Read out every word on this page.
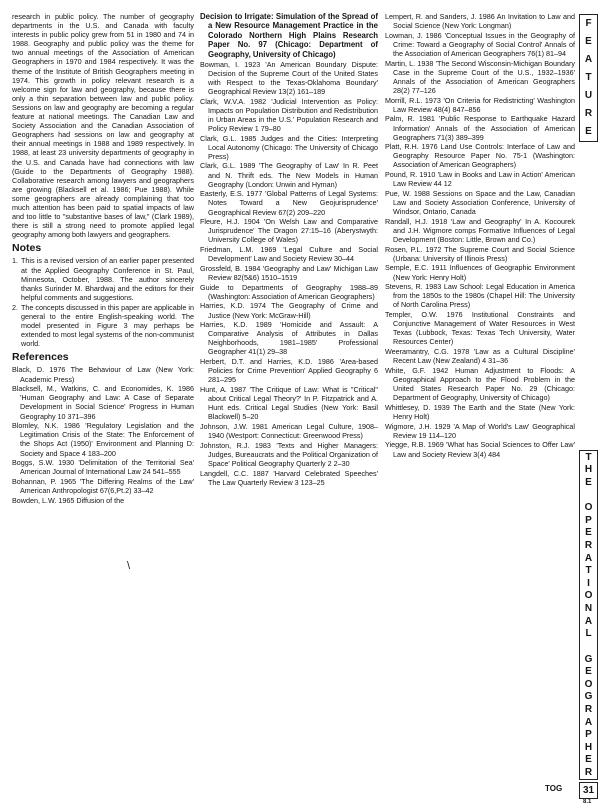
research in public policy. The number of geography departments in the U.S. and Canada with faculty interests in public policy grew from 51 in 1980 and 74 in 1988. Geography and public policy was the theme for two annual meetings of the Association of American Geographers in 1970 and 1984 respectively. It was the theme of the Institute of British Geographers meeting in 1974. This growth in policy relevant research is a welcome sign for law and geography, because there is only a thin separation between law and public policy. Sessions on law and geography are becoming a regular feature at national meetings. The Canadian Law and Society Association and the Canadian Association of Geographers had sessions on law and geography at their annual meetings in 1988 and 1989 respectively. In 1988, at least 23 university departments of geography in the U.S. and Canada have had connections with law (Guide to the Departments of Geography 1988). Collaborative research among lawyers and geographers are growing (Blacksell et al. 1986; Pue 1988). While some geographers are already complaining that too much attention has been paid to spatial impacts of law and too little to "substantive bases of law," (Clark 1989), there is still a strong need to promote applied legal geography among both lawyers and geographers.

Notes
1. This is a revised version of an earlier paper presented at the Applied Geography Conference in St. Paul, Minnesota, October, 1988. The author sincerely thanks Surinder M. Bhardwaj and the editors for their helpful comments and suggestions.
2. The concepts discussed in this paper are applicable in general to the entire English-speaking world. The model presented in Figure 3 may perhaps be extended to most legal systems of the non-communist world.
References
Black, D. 1976 The Behaviour of Law (New York: Academic Press)
Blacksell, M., Watkins, C. and Economides, K. 1986 'Human Geography and Law: A Case of Separate Development in Social Science' Progress in Human Geography 10 371–396
Blomley, N.K. 1986 'Regulatory Legislation and the Legitimation Crisis of the State: The Enforcement of the Shops Act (1950)' Environment and Planning D: Society and Space 4 183–200
Boggs, S.W. 1930 'Delimitation of the Territorial Sea' American Journal of International Law 24 541–555
Bohannan, P. 1965 'The Differing Realms of the Law' American Anthropologist 67(6,Pt.2) 33–42
Bowden, L.W. 1965 Diffusion of the
Decision to Irrigate: Simulation of the Spread of a New Resource Management Practice in the Colorado Northern High Plains Research Paper No. 97 (Chicago: Department of Geography, University of Chicago)
Bowman, I. 1923 'An American Boundary Dispute: Decision of the Supreme Court of the United States with Respect to the Texas-Oklahoma Boundary' Geographical Review 13(2) 161–189
Clark, W.V.A. 1982 'Judicial Intervention as Policy: Impacts on Population Distribution and Redistribution in Urban Areas in the U.S.' Population Research and Policy Review 1 79–80
Clark, G.L. 1985 Judges and the Cities: Interpreting Local Autonomy (Chicago: The University of Chicago Press)
Clark, G.L. 1989 'The Geography of Law' In R. Peet and N. Thrift eds. The New Models in Human Geography (London: Unwin and Hyman)
Easterly, E.S. 1977 'Global Patterns of Legal Systems: Notes Toward a New Geojurisprudence' Geographical Review 67(2) 209–220
Fleure, H.J. 1904 'On Welsh Law and Comparative Jurisprudence' The Dragon 27:15–16 (Aberystwyth: University College of Wales)
Friedman, L.M. 1969 'Legal Culture and Social Development' Law and Society Review 30–44
Grossfeld, B. 1984 'Geography and Law' Michigan Law Review 82(5&6) 1510–1519
Guide to Departments of Geography 1988–89 (Washington: Association of American Geographers)
Harries, K.D. 1974 The Geography of Crime and Justice (New York: McGraw-Hill)
Harries, K.D. 1989 'Homicide and Assault: A Comparative Analysis of Attributes in Dallas Neighborhoods, 1981–1985' Professional Geographer 41(1) 29–38
Herbert, D.T. and Harries, K.D. 1986 'Area-based Policies for Crime Prevention' Applied Geography 6 281–295
Hunt, A. 1987 'The Critique of Law: What is "Critical" about Critical Legal Theory?' In P. Fitzpatrick and A. Hunt eds. Critical Legal Studies (New York: Basil Blackwell) 5–20
Johnson, J.W. 1981 American Legal Culture, 1908–1940 (Westport: Connecticut: Greenwood Press)
Johnston, R.J. 1983 'Texts and Higher Managers: Judges, Bureaucrats and the Political Organization of Space' Political Geography Quarterly 2 2–30
Langdell, C.C. 1887 'Harvard Celebrated Speeches' The Law Quarterly Review 3 123–25
Lempert, R. and Sanders, J. 1986 An Invitation to Law and Social Science (New York: Longman)
Lowman, J. 1986 'Conceptual Issues in the Geography of Crime: Toward a Geography of Social Control' Annals of the Association of American Geographers 76(1) 81–94
Martin, L. 1938 'The Second Wisconsin-Michigan Boundary Case in the Supreme Court of the U.S., 1932–1936' Annals of the Association of American Geographers 28(2) 77–126
Morrill, R.L. 1973 'On Criteria for Redistricting' Washington Law Review 48(4) 847–856
Palm, R. 1981 'Public Response to Earthquake Hazard Information' Annals of the Association of American Geographers 71(3) 389–399
Platt, R.H. 1976 Land Use Controls: Interface of Law and Geography Resource Paper No. 75-1 (Washington: Association of American Geographers)
Pound, R. 1910 'Law in Books and Law in Action' American Law Review 44 12
Pue, W. 1988 Sessions on Space and the Law, Canadian Law and Society Association Conference, University of Windsor, Ontario, Canada
Randall, H.J. 1918 'Law and Geography' In A. Kocourek and J.H. Wigmore comps Formative Influences of Legal Development (Boston: Little, Brown and Co.)
Rosen, P.L. 1972 The Supreme Court and Social Science (Urbana: University of Illinois Press)
Semple, E.C. 1911 Influences of Geographic Environment (New York: Henry Holt)
Stevens, R. 1983 Law School: Legal Education in America from the 1850s to the 1980s (Chapel Hill: The University of North Carolina Press)
Templer, O.W. 1976 Institutional Constraints and Conjunctive Management of Water Resources in West Texas (Lubbock, Texas: Texas Tech University, Water Resources Center)
Weeramantry, C.G. 1978 'Law as a Cultural Discipline' Recent Law (New Zealand) 4 31–36
White, G.F. 1942 Human Adjustment to Floods: A Geographical Approach to the Flood Problem in the United States Research Paper No. 29 (Chicago: Department of Geography, University of Chicago)
Whittlesey, D. 1939 The Earth and the State (New York: Henry Holt)
Wigmore, J.H. 1929 'A Map of World's Law' Geographical Review 19 114–120
Yiegge, R.B. 1969 'What has Social Sciences to Offer Law' Law and Society Review 3(4) 484
\
F
E
A
T
U
R
E
T
H
E

O
P
E
R
A
T
I
O
N
A
L

G
E
O
G
R
A
P
H
E
R
31
8.1
TOG
